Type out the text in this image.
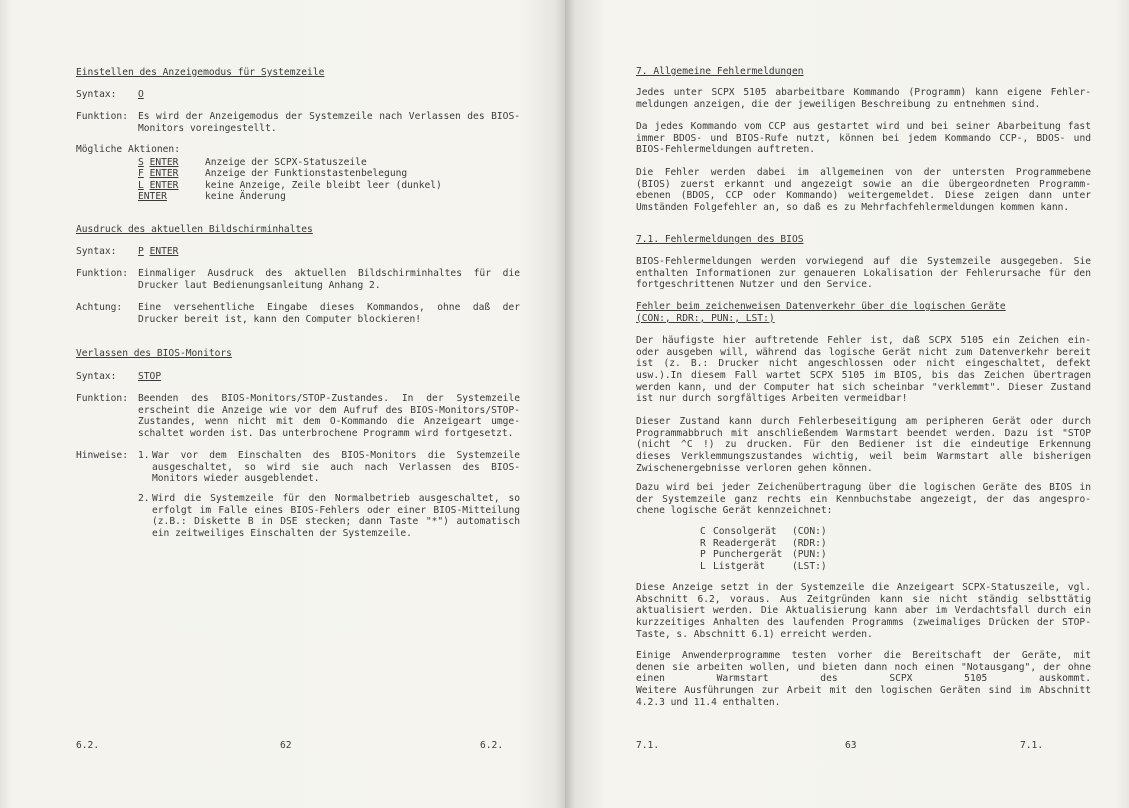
Einstellen des Anzeigemodus für Systemzeile
Syntax: O
Funktion: Es wird der Anzeigemodus der Systemzeile nach Verlassen des BIOS-
Monitors voreingestellt.
Mögliche Aktionen:
S ENTER	Anzeige der SCPX-Statuszeile
F ENTER	Anzeige der Funktionstastenbelegung
L ENTER	keine Anzeige, Zeile bleibt leer (dunkel)
ENTER	keine Änderung
Ausdruck des aktuellen Bildschirminhaltes
Syntax: P ENTER
Funktion: Einmaliger Ausdruck des aktuellen Bildschirminhaltes für die
Drucker laut Bedienungsanleitung Anhang 2.
Achtung: Eine versehentliche Eingabe dieses Kommandos, ohne daß der
Drucker bereit ist, kann den Computer blockieren!
Verlassen des BIOS-Monitors
Syntax: STOP
Funktion: Beenden des BIOS-Monitors/STOP-Zustandes. In der Systemzeile
erscheint die Anzeige wie vor dem Aufruf des BIOS-Monitors/STOP-
Zustandes, wenn nicht mit dem O-Kommando die Anzeigeart umge-
schaltet worden ist. Das unterbrochene Programm wird fortgesetzt.
Hinweise: 1. War vor dem Einschalten des BIOS-Monitors die Systemzeile
ausgeschaltet, so wird sie auch nach Verlassen des BIOS-
Monitors wieder ausgeblendet.
2. Wird die Systemzeile für den Normalbetrieb ausgeschaltet, so
erfolgt im Falle eines BIOS-Fehlers oder einer BIOS-Mitteilung
(z.B.: Diskette B in DSE stecken; dann Taste "*") automatisch
ein zeitweiliges Einschalten der Systemzeile.
6.2.	62	6.2.
7. Allgemeine Fehlermeldungen
Jedes unter SCPX 5105 abarbeitbare Kommando (Programm) kann eigene Fehler-
meldungen anzeigen, die der jeweiligen Beschreibung zu entnehmen sind.
Da jedes Kommando vom CCP aus gestartet wird und bei seiner Abarbeitung fast
immer BDOS- und BIOS-Rufe nutzt, können bei jedem Kommando CCP-, BDOS- und
BIOS-Fehlermeldungen auftreten.
Die Fehler werden dabei im allgemeinen von der untersten Programmebene
(BIOS) zuerst erkannt und angezeigt sowie an die übergeordneten Programm-
ebenen (BDOS, CCP oder Kommando) weitergemeldet. Diese zeigen dann unter
Umständen Folgefehler an, so daß es zu Mehrfachfehlermeldungen kommen kann.
7.1. Fehlermeldungen des BIOS
BIOS-Fehlermeldungen werden vorwiegend auf die Systemzeile ausgegeben. Sie
enthalten Informationen zur genaueren Lokalisation der Fehlerursache für den
fortgeschrittenen Nutzer und den Service.
Fehler beim zeichenweisen Datenverkehr über die logischen Geräte
(CON:, RDR:, PUN:, LST:)
Der häufigste hier auftretende Fehler ist, daß SCPX 5105 ein Zeichen ein-
oder ausgeben will, während das logische Gerät nicht zum Datenverkehr bereit
ist (z. B.: Drucker nicht angeschlossen oder nicht eingeschaltet, defekt
usw.).In diesem Fall wartet SCPX 5105 im BIOS, bis das Zeichen übertragen
werden kann, und der Computer hat sich scheinbar "verklemmt". Dieser Zustand
ist nur durch sorgfältiges Arbeiten vermeidbar!
Dieser Zustand kann durch Fehlerbeseitigung am peripheren Gerät oder durch
Programmabbruch mit anschließendem Warmstart beendet werden. Dazu ist "STOP
(nicht ^C !) zu drucken. Für den Bediener ist die eindeutige Erkennung
dieses Verklemmungszustandes wichtig, weil beim Warmstart alle bisherigen
Zwischenergebnisse verloren gehen können.
Dazu wird bei jeder Zeichenübertragung über die logischen Geräte des BIOS in
der Systemzeile ganz rechts ein Kennbuchstabe angezeigt, der das angespro-
chene logische Gerät kennzeichnet:
C Consolgerät (CON:)
R Readergerät (RDR:)
P Punchergerät (PUN:)
L Listgerät	(LST:)
Diese Anzeige setzt in der Systemzeile die Anzeigeart SCPX-Statuszeile, vgl.
Abschnitt 6.2, voraus. Aus Zeitgründen kann sie nicht ständig selbsttätig
aktualisiert werden. Die Aktualisierung kann aber im Verdachtsfall durch ein
kurzzeitiges Anhalten des laufenden Programms (zweimaliges Drücken der STOP-
Taste, s. Abschnitt 6.1) erreicht werden.
Einige Anwenderprogramme testen vorher die Bereitschaft der Geräte, mit
denen sie arbeiten wollen, und bieten dann noch einen "Notausgang", der ohne
einen Warmstart des SCPX 5105 auskommt.
Weitere Ausführungen zur Arbeit mit den logischen Geräten sind im Abschnitt
4.2.3 und 11.4 enthalten.
7.1.	63	7.1.
